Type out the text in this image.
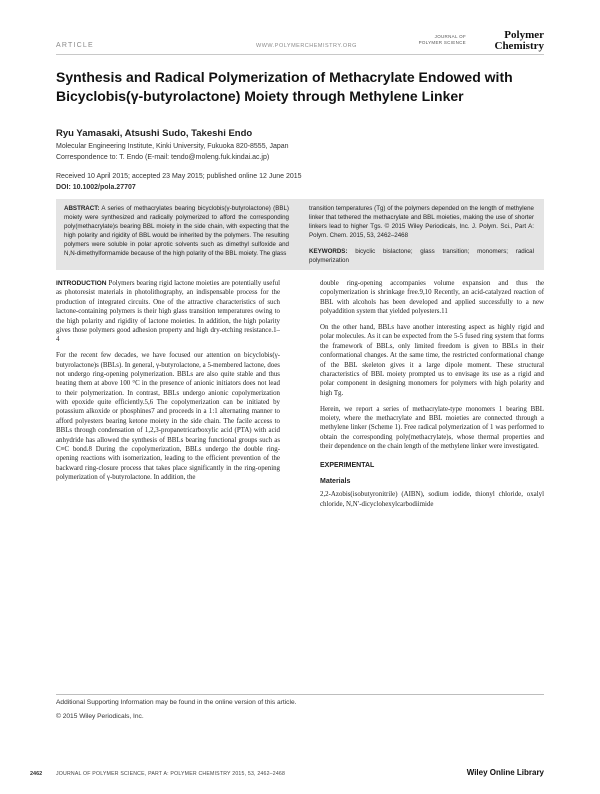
ARTICLE	WWW.POLYMERCHEMISTRY.ORG
JOURNAL OF
POLYMER SCIENCE
Polymer
Chemistry
Synthesis and Radical Polymerization of Methacrylate Endowed with Bicyclobis(γ-butyrolactone) Moiety through Methylene Linker
Ryu Yamasaki, Atsushi Sudo, Takeshi Endo
Molecular Engineering Institute, Kinki University, Fukuoka 820-8555, Japan
Correspondence to: T. Endo (E-mail: tendo@moleng.fuk.kindai.ac.jp)
Received 10 April 2015; accepted 23 May 2015; published online 12 June 2015
DOI: 10.1002/pola.27707
ABSTRACT: A series of methacrylates bearing bicyclobis(γ-butyrolactone) (BBL) moiety were synthesized and radically polymerized to afford the corresponding poly(methacrylate)s bearing BBL moiety in the side chain, with expecting that the high polarity and rigidity of BBL would be inherited by the polymers. The resulting polymers were soluble in polar aprotic solvents such as dimethyl sulfoxide and N,N-dimethylformamide because of the high polarity of the BBL moiety. The glass
transition temperatures (Tg) of the polymers depended on the length of methylene linker that tethered the methacrylate and BBL moieties, making the use of shorter linkers lead to higher Tgs. © 2015 Wiley Periodicals, Inc. J. Polym. Sci., Part A: Polym. Chem. 2015, 53, 2462–2468
KEYWORDS: bicyclic bislactone; glass transition; monomers; radical polymerization

INTRODUCTION Polymers bearing rigid lactone moieties are potentially useful as photoresist materials in photolithography, an indispensable process for the production of integrated circuits. One of the attractive characteristics of such lactone-containing polymers is their high glass transition temperatures owing to the high polarity and rigidity of lactone moieties. In addition, the high polarity gives those polymers good adhesion property and high dry-etching resistance.1–4

For the recent few decades, we have focused our attention on bicyclobis(γ-butyrolactone)s (BBLs). In general, γ-butyrolactone, a 5-membered lactone, does not undergo ring-opening polymerization. BBLs are also quite stable and thus heating them at above 100 °C in the presence of anionic initiators does not lead to their polymerization. In contrast, BBLs undergo anionic copolymerization with epoxide quite efficiently.5,6 The copolymerization can be initiated by potassium alkoxide or phosphines7 and proceeds in a 1:1 alternating manner to afford polyesters bearing ketone moiety in the side chain. The facile access to BBLs through condensation of 1,2,3-propanetricarboxylic acid (PTA) with acid anhydride has allowed the synthesis of BBLs bearing functional groups such as C≡C bond.8 During the copolymerization, BBLs undergo the double ring-opening reactions with isomerization, leading to the efficient prevention of the backward ring-closure process that takes place significantly in the ring-opening polymerization of γ-butyrolactone. In addition, the

double ring-opening accompanies volume expansion and thus the copolymerization is shrinkage free.9,10 Recently, an acid-catalyzed reaction of BBL with alcohols has been developed and applied successfully to a new polyaddition system that yielded polyesters.11

On the other hand, BBLs have another interesting aspect as highly rigid and polar molecules. As it can be expected from the 5-5 fused ring system that forms the framework of BBLs, only limited freedom is given to BBLs in their conformational changes. At the same time, the restricted conformational change of the BBL skeleton gives it a large dipole moment. These structural characteristics of BBL moiety prompted us to envisage its use as a rigid and polar component in designing monomers for polymers with high polarity and high Tg.

Herein, we report a series of methacrylate-type monomers 1 bearing BBL moiety, where the methacrylate and BBL moieties are connected through a methylene linker (Scheme 1). Free radical polymerization of 1 was performed to obtain the corresponding poly(methacrylate)s, whose thermal properties and their dependence on the chain length of the methylene linker were investigated.

EXPERIMENTAL
Materials

2,2-Azobis(isobutyronitrile) (AIBN), sodium iodide, thionyl chloride, oxalyl chloride, N,N′-dicyclohexylcarbodiimide

Additional Supporting Information may be found in the online version of this article.
© 2015 Wiley Periodicals, Inc.
2462	JOURNAL OF POLYMER SCIENCE, PART A: POLYMER CHEMISTRY 2015, 53, 2462–2468	Wiley Online Library
